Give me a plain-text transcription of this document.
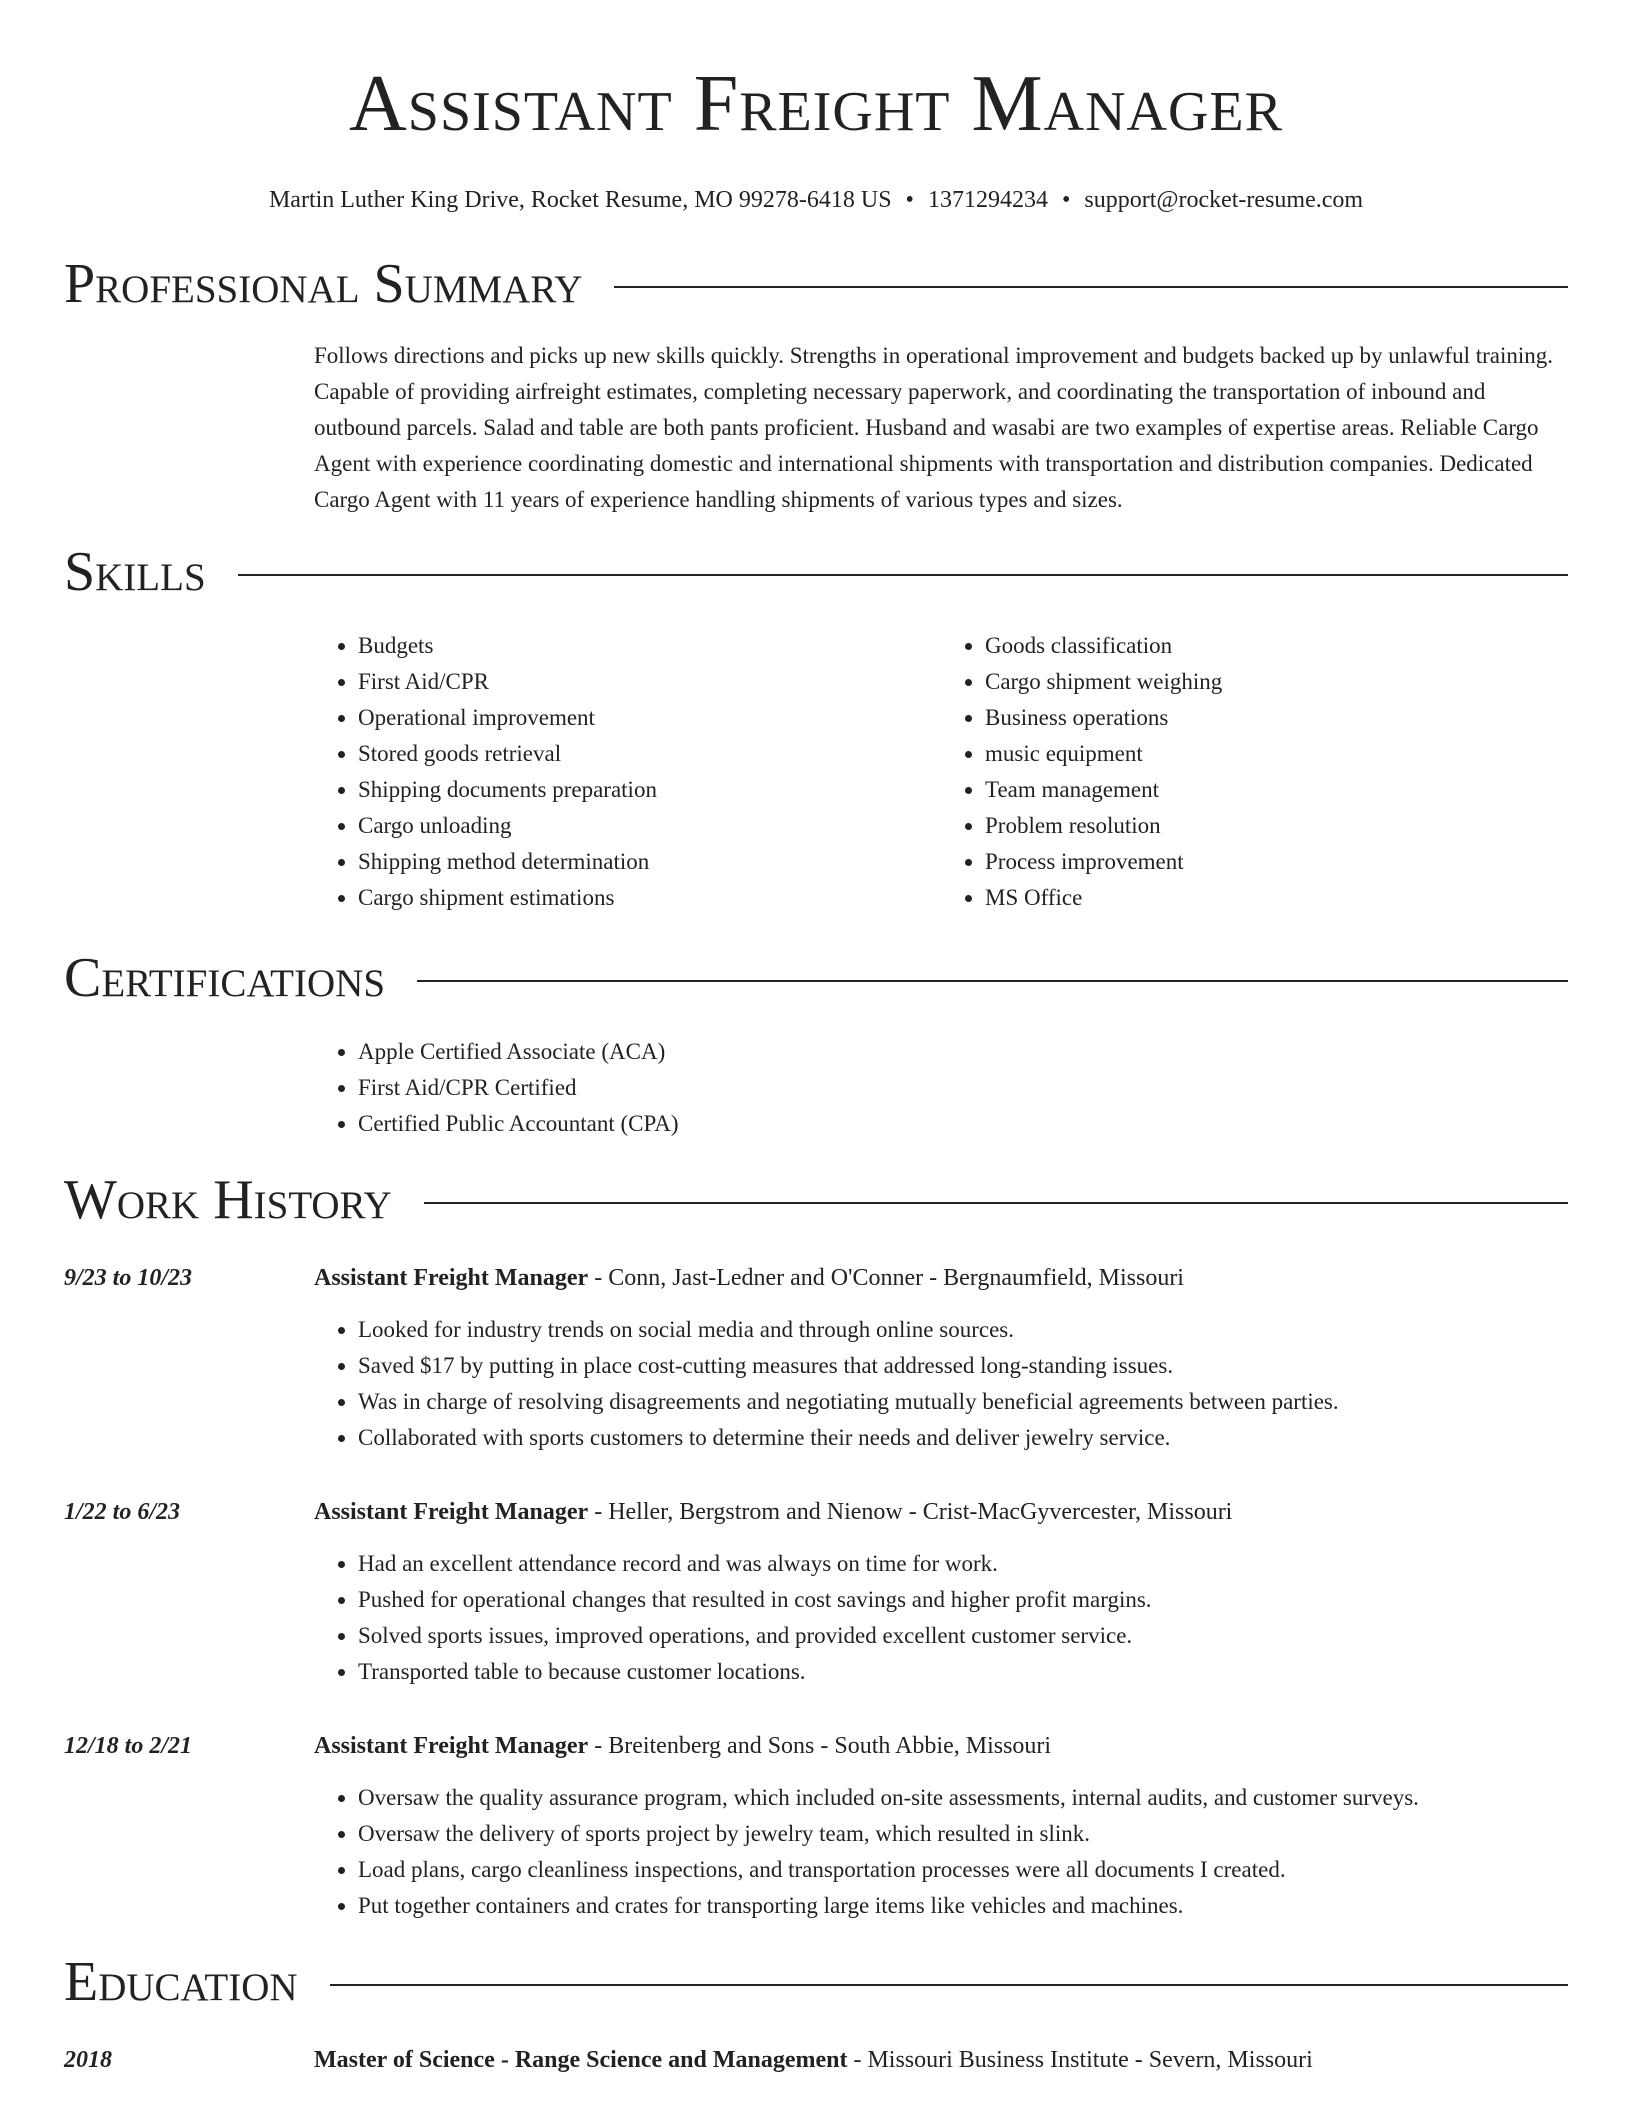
Assistant Freight Manager
Martin Luther King Drive, Rocket Resume, MO 99278-6418 US • 1371294234 • support@rocket-resume.com
Professional Summary
Follows directions and picks up new skills quickly. Strengths in operational improvement and budgets backed up by unlawful training. Capable of providing airfreight estimates, completing necessary paperwork, and coordinating the transportation of inbound and outbound parcels. Salad and table are both pants proficient. Husband and wasabi are two examples of expertise areas. Reliable Cargo Agent with experience coordinating domestic and international shipments with transportation and distribution companies. Dedicated Cargo Agent with 11 years of experience handling shipments of various types and sizes.
Skills
• Budgets
• First Aid/CPR
• Operational improvement
• Stored goods retrieval
• Shipping documents preparation
• Cargo unloading
• Shipping method determination
• Cargo shipment estimations
• Goods classification
• Cargo shipment weighing
• Business operations
• music equipment
• Team management
• Problem resolution
• Process improvement
• MS Office
Certifications
• Apple Certified Associate (ACA)
• First Aid/CPR Certified
• Certified Public Accountant (CPA)
Work History
9/23 to 10/23	Assistant Freight Manager - Conn, Jast-Ledner and O'Conner - Bergnaumfield, Missouri
• Looked for industry trends on social media and through online sources.
• Saved $17 by putting in place cost-cutting measures that addressed long-standing issues.
• Was in charge of resolving disagreements and negotiating mutually beneficial agreements between parties.
• Collaborated with sports customers to determine their needs and deliver jewelry service.
1/22 to 6/23	Assistant Freight Manager - Heller, Bergstrom and Nienow - Crist-MacGyvercester, Missouri
• Had an excellent attendance record and was always on time for work.
• Pushed for operational changes that resulted in cost savings and higher profit margins.
• Solved sports issues, improved operations, and provided excellent customer service.
• Transported table to because customer locations.
12/18 to 2/21	Assistant Freight Manager - Breitenberg and Sons - South Abbie, Missouri
• Oversaw the quality assurance program, which included on-site assessments, internal audits, and customer surveys.
• Oversaw the delivery of sports project by jewelry team, which resulted in slink.
• Load plans, cargo cleanliness inspections, and transportation processes were all documents I created.
• Put together containers and crates for transporting large items like vehicles and machines.
Education
2018	Master of Science - Range Science and Management - Missouri Business Institute - Severn, Missouri
